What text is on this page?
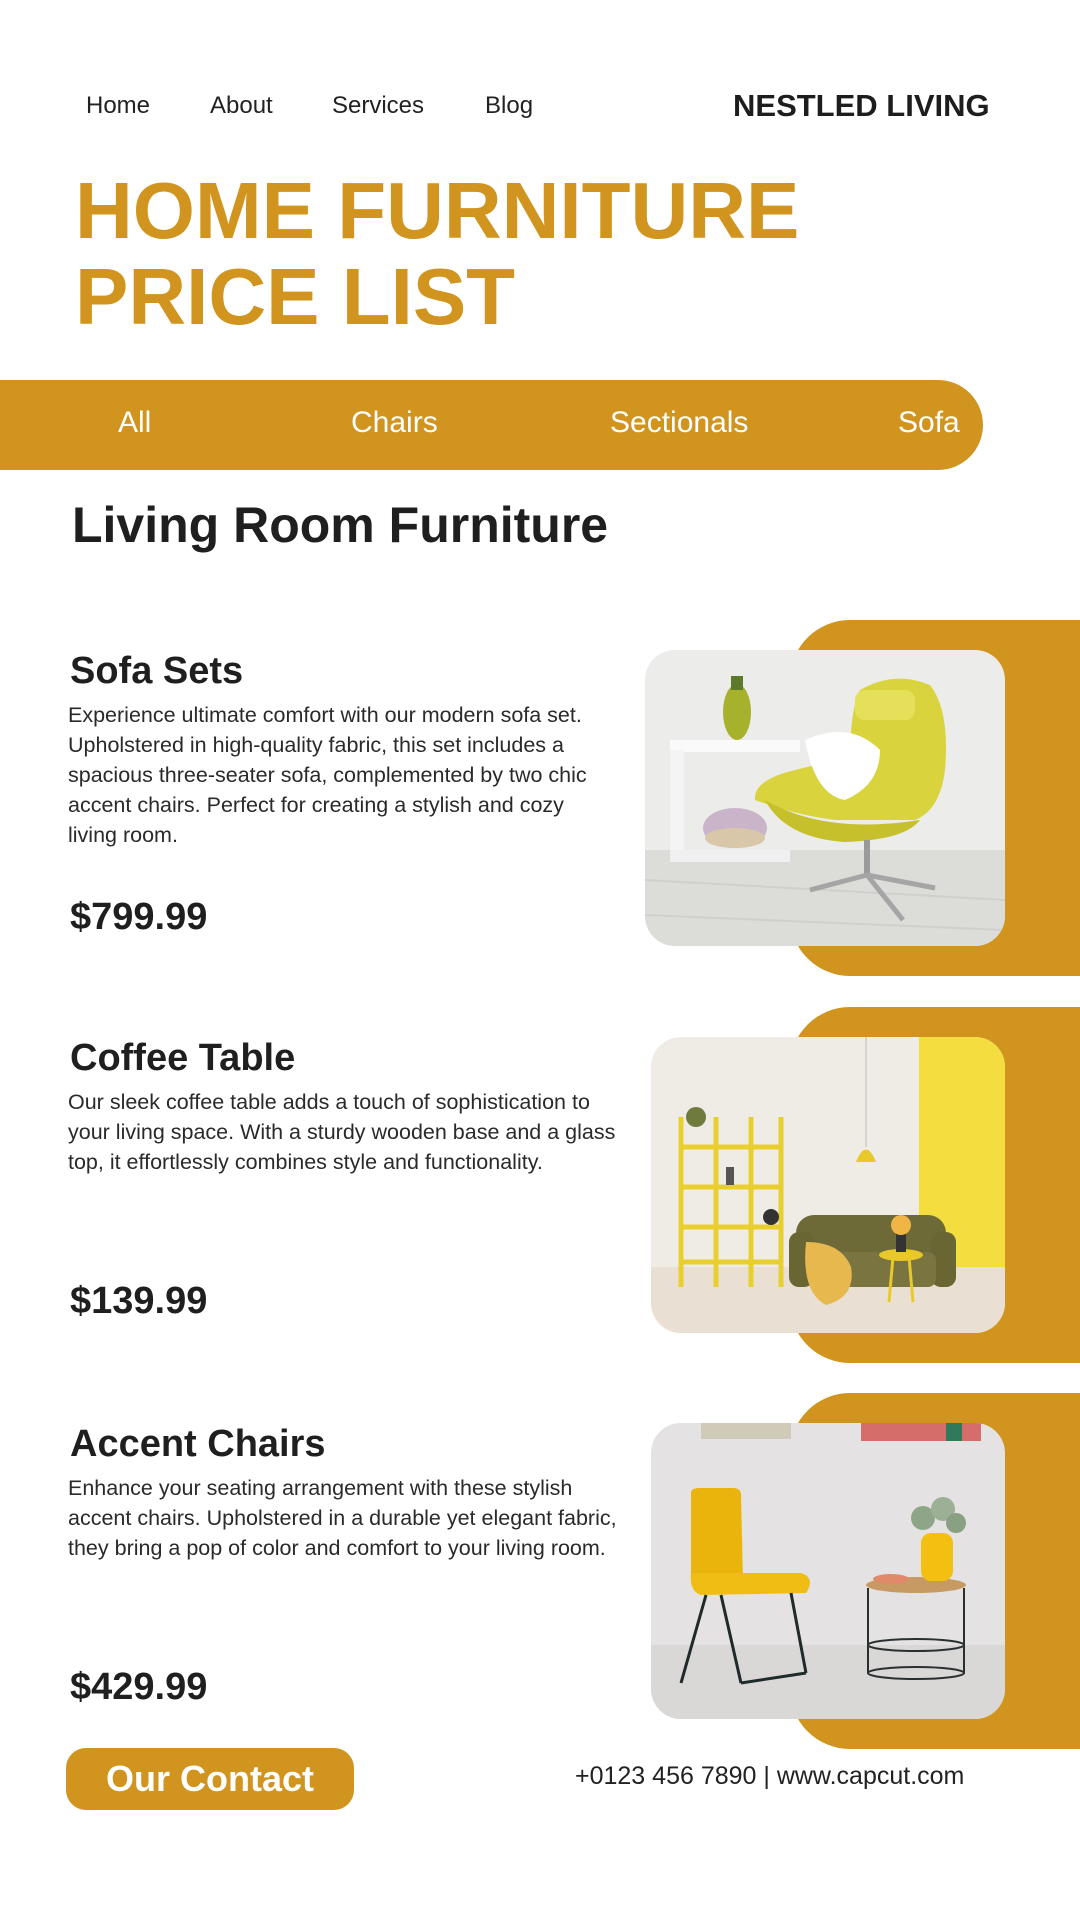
Home About Services	Blog	NESTLED LIVING
HOME FURNITURE
PRICE LIST
All	Chairs	Sectionals	Sofa
Living Room Furniture
Sofa Sets

Experience ultimate comfort with our modern sofa set. Upholstered in high-quality fabric, this set includes a spacious three-seater sofa, complemented by two chic accent chairs. Perfect for creating a stylish and cozy living room.

$799.99

Coffee Table

Our sleek coffee table adds a touch of sophistication to your living space. With a sturdy wooden base and a glass top, it effortlessly combines style and functionality.

$139.99

Accent Chairs

Enhance your seating arrangement with these stylish accent chairs. Upholstered in a durable yet elegant fabric, they bring a pop of color and comfort to your living room.

$429.99

Our Contact	+0123 456 7890 | www.capcut.com
